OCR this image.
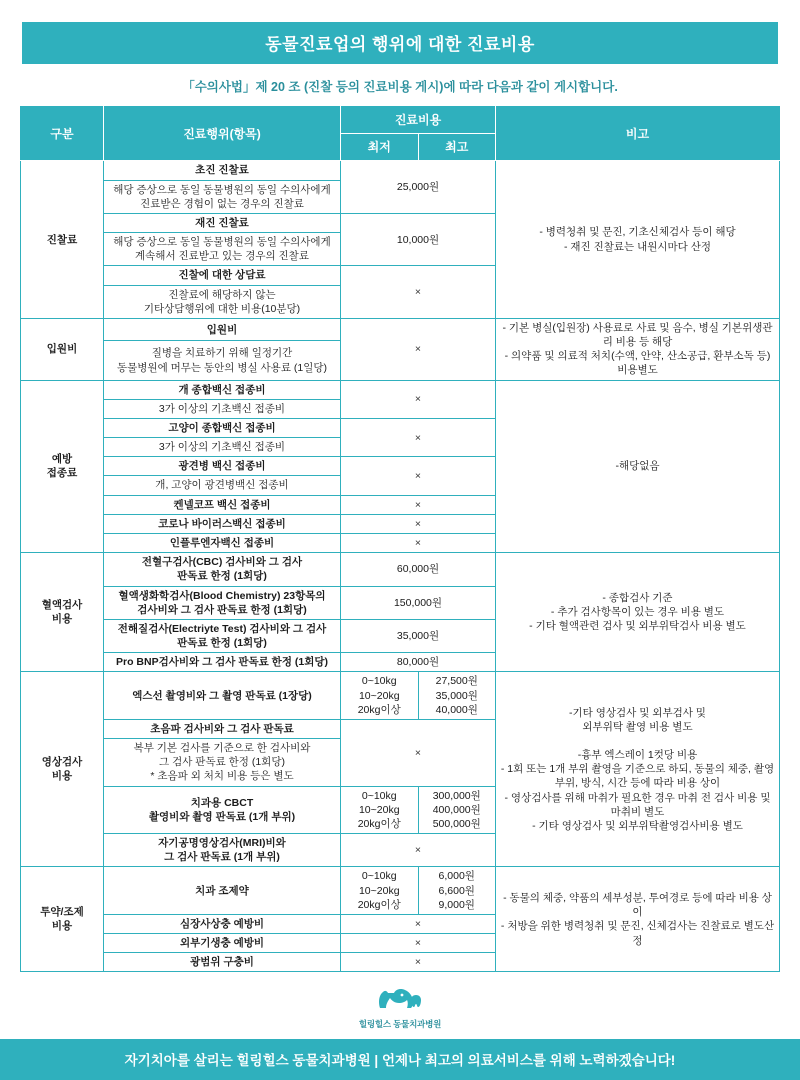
동물진료업의 행위에 대한 진료비용
「수의사법」제 20 조 (진찰 등의 진료비용 게시)에 따라 다음과 같이 게시합니다.
구분	진료행위(항목)	진료비용		비고
		최저	최고	
진찰료	초진 진찰료	25,000원		- 병력청취 및 문진, 기초신체검사 등이 해당
- 재진 진찰료는 내원시마다 산정
	해당 증상으로 동일 동물병원의 동일 수의사에게
진료받은 경험이 없는 경우의 진찰료			
	재진 진찰료	10,000원		
	해당 증상으로 동일 동물병원의 동일 수의사에게
계속해서 진료받고 있는 경우의 진찰료			
	진찰에 대한 상담료	×		
	진찰료에 해당하지 않는
기타상담행위에 대한 비용(10분당)			
입원비	입원비	×		- 기본 병실(입원장) 사용료로 사료 및 음수, 병실 기본위생관리 비용 등 해당
- 의약품 및 의료적 처치(수액, 안약, 산소공급, 환부소독 등) 비용별도
	질병을 치료하기 위해 일정기간
동물병원에 머무는 동안의 병실 사용료 (1일당)			
예방
접종료	개 종합백신 접종비	×		-해당없음
	3가 이상의 기초백신 접종비			
	고양이 종합백신 접종비	×		
	3가 이상의 기초백신 접종비			
	광견병 백신 접종비	×		
	개, 고양이 광견병백신 접종비			
	켄넬코프 백신 접종비	×		
	코로나 바이러스백신 접종비	×		
	인플루엔자백신 접종비	×		
혈액검사
비용	전혈구검사(CBC) 검사비와 그 검사
판독료 한정 (1회당)	60,000원		- 종합검사 기준
- 추가 검사항목이 있는 경우 비용 별도
- 기타 혈액관련 검사 및 외부위탁검사 비용 별도
	혈액생화학검사(Blood Chemistry) 23항목의
검사비와 그 검사 판독료 한정 (1회당)	150,000원		
	전해질검사(Electriyte Test) 검사비와 그 검사
판독료 한정 (1회당)	35,000원		
	Pro BNP검사비와 그 검사 판독료 한정 (1회당)	80,000원		
영상검사
비용	엑스선 촬영비와 그 촬영 판독료 (1장당)	0~10kg
10~20kg
20kg이상	27,500원
35,000원
40,000원	-기타 영상검사 및 외부검사 및
외부위탁 촬영 비용 별도

-흉부 엑스레이 1컷당 비용
- 1회 또는 1개 부위 촬영을 기준으로 하되, 동물의 체중, 촬영 부위, 방식, 시간 등에 따라 비용 상이
- 영상검사를 위해 마취가 필요한 경우 마취 전 검사 비용 및 마취비 별도
- 기타 영상검사 및 외부위탁촬영검사비용 별도
	초음파 검사비와 그 검사 판독료	×		
	복부 기본 검사를 기준으로 한 검사비와
그 검사 판독료 한정 (1회당)
* 초음파 외 처치 비용 등은 별도			
	치과용 CBCT
촬영비와 촬영 판독료 (1개 부위)	0~10kg
10~20kg
20kg이상	300,000원
400,000원
500,000원	
	자기공명영상검사(MRI)비와
그 검사 판독료 (1개 부위)	×		
투약/조제
비용	치과 조제약	0~10kg
10~20kg
20kg이상	6,000원
6,600원
9,000원	- 동물의 체중, 약품의 세부성분, 투여경로 등에 따라 비용 상이
- 처방을 위한 병력청취 및 문진, 신체검사는 진찰료로 별도산정
	심장사상충 예방비	×		
	외부기생충 예방비	×		
	광범위 구충비	×		
힐링힐스 동물치과병원
자기치아를 살리는 힐링힐스 동물치과병원 | 언제나 최고의 의료서비스를 위해 노력하겠습니다!
